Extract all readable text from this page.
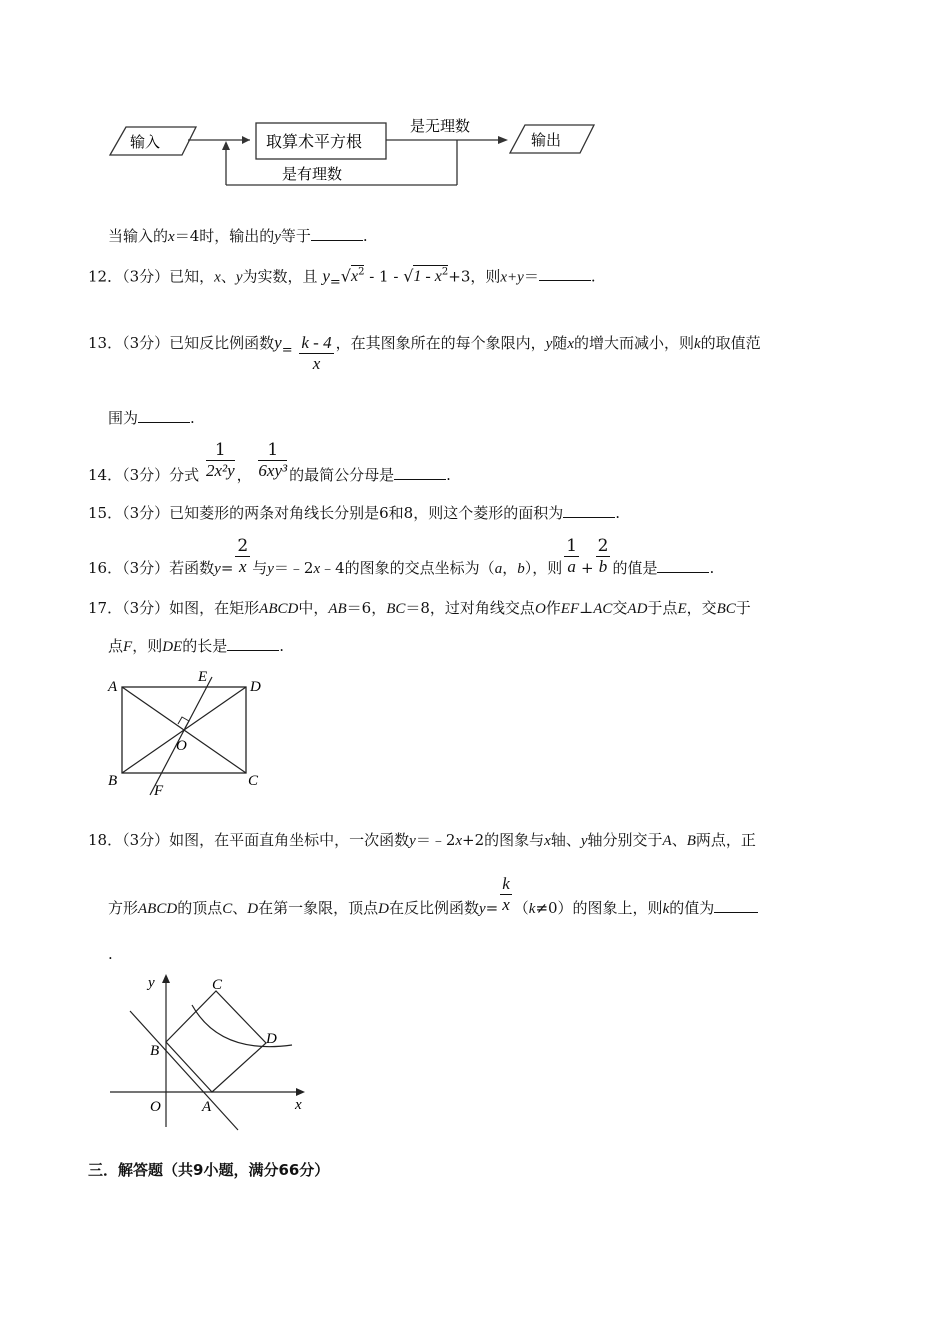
输入	取算术平方根
是无理数
输出
是有理数
当输入的x＝4时，输出的y等于	.
12．（3分）已知，x、y为实数，且 $y=√x^2 - 1 - √1 - x^2+3$，则x+y＝	.
13．（3分）已知反比例函数$y= \frac{k - 4}{x}$ ，在其图象所在的每个象限内，y随x的增大而减小，则k的取值范
围为	.
14．（3分）分式 $\frac{1}{\text{2x²y}}$ ， $\frac{1}{\text{6xy³}}$ 的最简公分母是	.
15．（3分）已知菱形的两条对角线长分别是6和8，则这个菱形的面积为	.
16．（3分）若函数$y= \frac{2}{x}$ 与y＝﹣2x﹣4的图象的交点坐标为（a，b），则 $\frac{1}{a} + \frac{2}{b}$ 的值是	.
17．（3分）如图，在矩形ABCD中，AB＝6，BC＝8，过对角线交点O作EF⊥AC交AD于点E，交BC于
点F，则DE的长是	.
A	D
B	C
E
F
O
18．（3分）如图，在平面直角坐标中，一次函数y＝﹣2x+2的图象与x轴、y轴分别交于A、B两点，正
方形ABCD的顶点C、D在第一象限，顶点D在反比例函数$y= \frac{k}{x} (k\ne 0)$的图象上，则k的值为
.
y
x
O	A
B
C
D
三．解答题（共9小题，满分66分）
